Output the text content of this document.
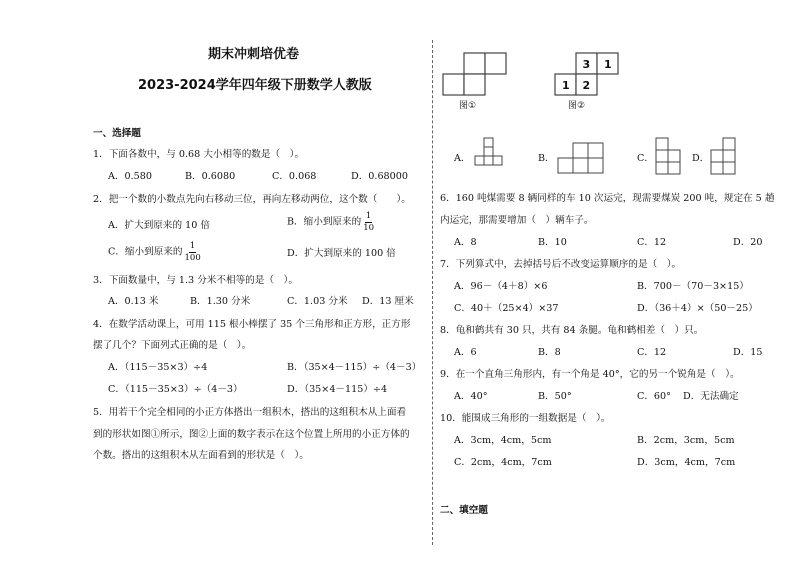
期末冲刺培优卷
2023-2024学年四年级下册数学人教版
一、选择题
1．下面各数中，与 0.68 大小相等的数是（　）。
A．0.580	B．0.6080	C．0.068	D．0.68000
2．把一个数的小数点先向右移动三位，再向左移动两位，这个数（　　）。
A．扩大到原来的 10 倍	B．缩小到原来的 $\frac{1}{10}$
C．缩小到原来的 $\frac{1}{100}$	D．扩大到原来的 100 倍
3．下面数量中，与 1.3 分米不相等的是（　）。
A．0.13 米	B．1.30 分米	C．1.03 分米 D．13 厘米
4．在数学活动课上，可用 115 根小棒摆了 35 个三角形和正方形，正方形
摆了几个？下面列式正确的是（　）。
A．（115－35×3）÷4	B．（35×4－115）÷（4－3）
C．（115－35×3）÷（4－3）	D．（35×4－115）÷4
5．用若干个完全相同的小正方体搭出一组积木，搭出的这组积木从上面看
到的形状如图①所示，图②上面的数字表示在这个位置上所用的小正方体的
个数。搭出的这组积木从左面看到的形状是（　）。
图①
3 1
1 2
图②
A．	B．	C．	D．
6．160 吨煤需要 8 辆同样的车 10 次运完，现需要煤炭 200 吨，规定在 5 趟
内运完，那需要增加（　）辆车子。
A．8	B．10	C．12	D．20
7．下列算式中，去掉括号后不改变运算顺序的是（　）。
A．96－（4＋8）×6	B．700－（70－3×15）
C．40＋（25×4）×37	D．（36＋4）×（50－25）
8．龟和鹤共有 30 只，共有 84 条腿。龟和鹤相差（　）只。
A．6	B．8	C．12	D．15
9．在一个直角三角形内，有一个角是 40°，它的另一个锐角是（　）。
A．40°	B．50°	C．60° D．无法确定
10．能围成三角形的一组数据是（　）。
A．3cm，4cm，5cm	B．2cm，3cm，5cm
C．2cm，4cm，7cm	D．3cm，4cm，7cm
二、填空题
